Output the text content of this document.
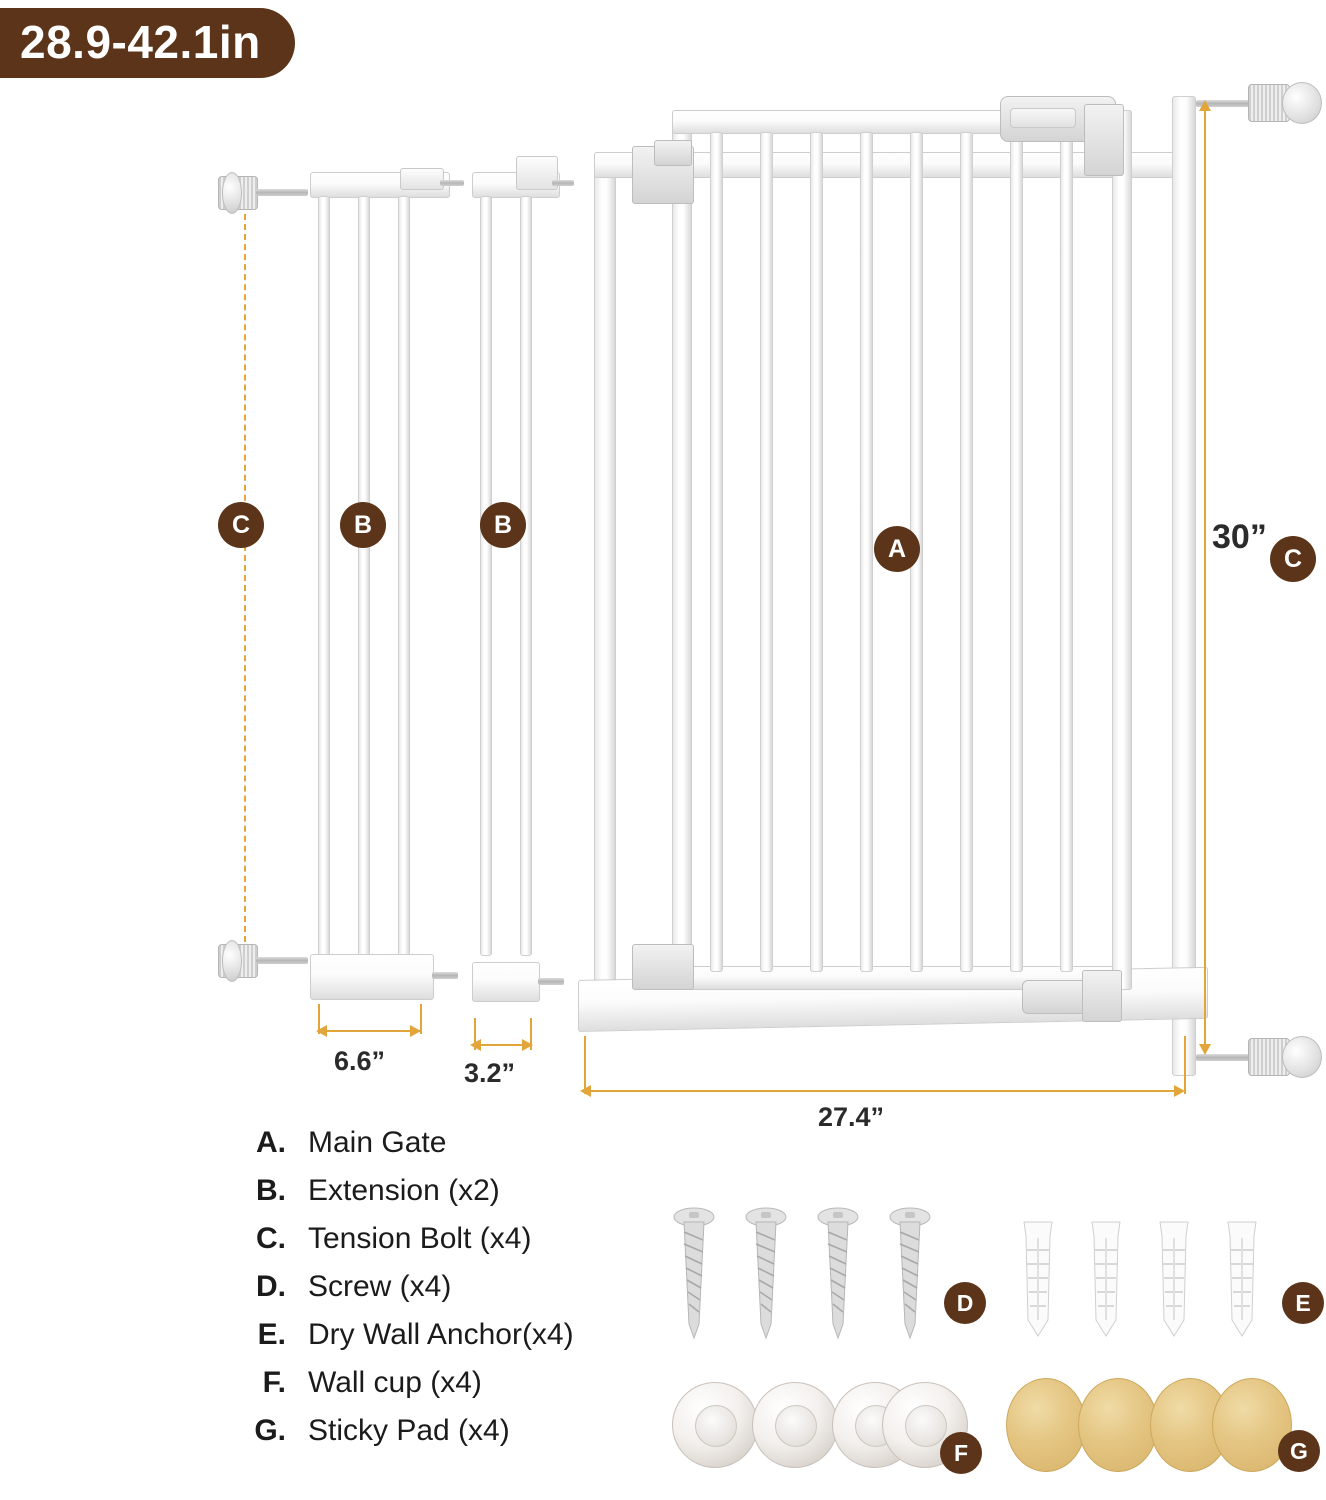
28.9-42.1in
C	B	B
A	C
30”
6.6”	3.2”
27.4”
A. Main Gate
B. Extension (x2)
C. Tension Bolt (x4)
D. Screw (x4)
E. Dry Wall Anchor(x4)
F. Wall cup (x4)
G. Sticky Pad (x4)
D	E
F	G
